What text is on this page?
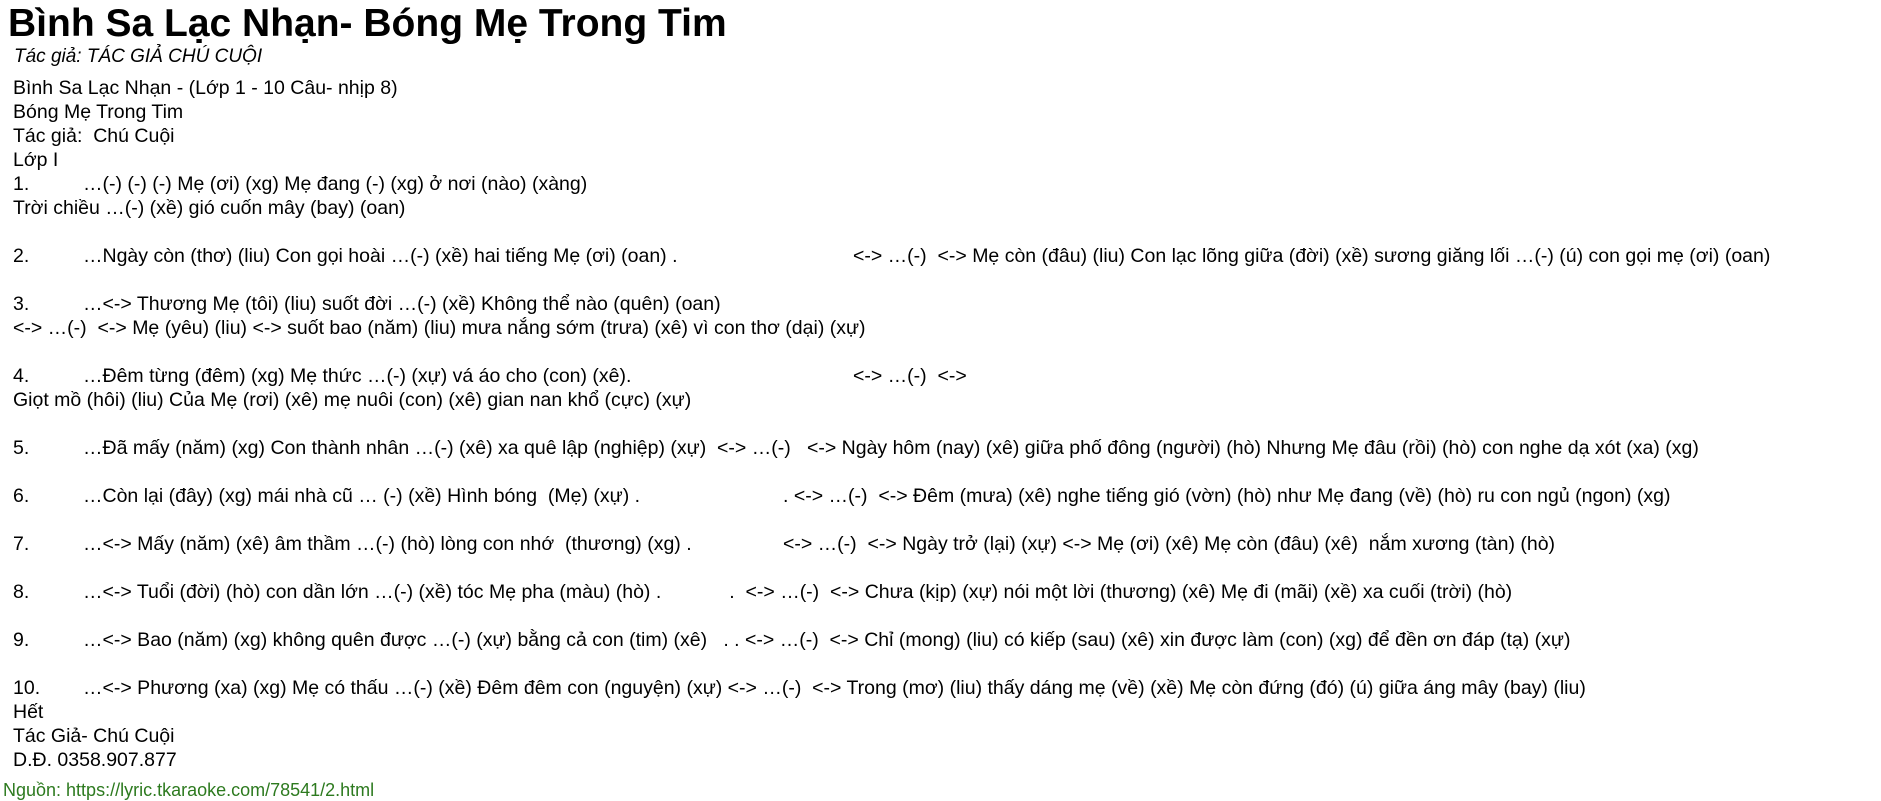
Bình Sa Lạc Nhạn- Bóng Mẹ Trong Tim
Tác giả: TÁC GIẢ CHÚ CUỘI
Bình Sa Lạc Nhạn - (Lớp 1 - 10 Câu- nhịp 8)
Bóng Mẹ Trong Tim
Tác giả:  Chú Cuội
Lớp I
1.	…(-) (-) (-) Mẹ (ơi) (xg) Mẹ đang (-) (xg) ở nơi (nào) (xàng)
Trời chiều …(-) (xề) gió cuốn mây (bay) (oan)
2.	…Ngày còn (thơ) (liu) Con gọi hoài …(-) (xề) hai tiếng Mẹ (ơi) (oan) .			<-> …(-)  <-> Mẹ còn (đâu) (liu) Con lạc lõng giữa (đời) (xề) sương giăng lối …(-) (ú) con gọi mẹ (ơi) (oan)
3.	…<-> Thương Mẹ (tôi) (liu) suốt đời …(-) (xề) Không thể nào (quên) (oan)
<-> …(-)  <-> Mẹ (yêu) (liu) <-> suốt bao (năm) (liu) mưa nắng sớm (trưa) (xê) vì con thơ (dại) (xự)
4.	…Đêm từng (đêm) (xg) Mẹ thức …(-) (xự) vá áo cho (con) (xê).				<-> …(-)  <->
Giọt mồ (hôi) (liu) Của Mẹ (rơi) (xê) mẹ nuôi (con) (xê) gian nan khổ (cực) (xự)
5.	…Đã mấy (năm) (xg) Con thành nhân …(-) (xê) xa quê lập (nghiệp) (xự)  <-> …(-)   <-> Ngày hôm (nay) (xê) giữa phố đông (người) (hò) Nhưng Mẹ đâu (rồi) (hò) con nghe dạ xót (xa) (xg)
6.	…Còn lại (đây) (xg) mái nhà cũ … (-) (xề) Hình bóng  (Mẹ) (xự) .			. <-> …(-)  <-> Đêm (mưa) (xê) nghe tiếng gió (vờn) (hò) như Mẹ đang (về) (hò) ru con ngủ (ngon) (xg)
7.	…<-> Mấy (năm) (xê) âm thầm …(-) (hò) lòng con nhớ  (thương) (xg) .		<-> …(-)  <-> Ngày trở (lại) (xự) <-> Mẹ (ơi) (xê) Mẹ còn (đâu) (xê)  nắm xương (tàn) (hò)
8.	…<-> Tuổi (đời) (hò) con dần lớn …(-) (xề) tóc Mẹ pha (màu) (hò) .	.  <-> …(-)  <-> Chưa (kịp) (xự) nói một lời (thương) (xê) Mẹ đi (mãi) (xề) xa cuối (trời) (hò)
9.	…<-> Bao (năm) (xg) không quên được …(-) (xự) bằng cả con (tim) (xê)   . . <-> …(-)  <-> Chỉ (mong) (liu) có kiếp (sau) (xê) xin được làm (con) (xg) để đền ơn đáp (tạ) (xự)
10.	…<-> Phương (xa) (xg) Mẹ có thấu …(-) (xề) Đêm đêm con (nguyện) (xự) <-> …(-)  <-> Trong (mơ) (liu) thấy dáng mẹ (về) (xề) Mẹ còn đứng (đó) (ú) giữa áng mây (bay) (liu)
Hết
Tác Giả- Chú Cuội
D.Đ. 0358.907.877
Nguồn: https://lyric.tkaraoke.com/78541/2.html
